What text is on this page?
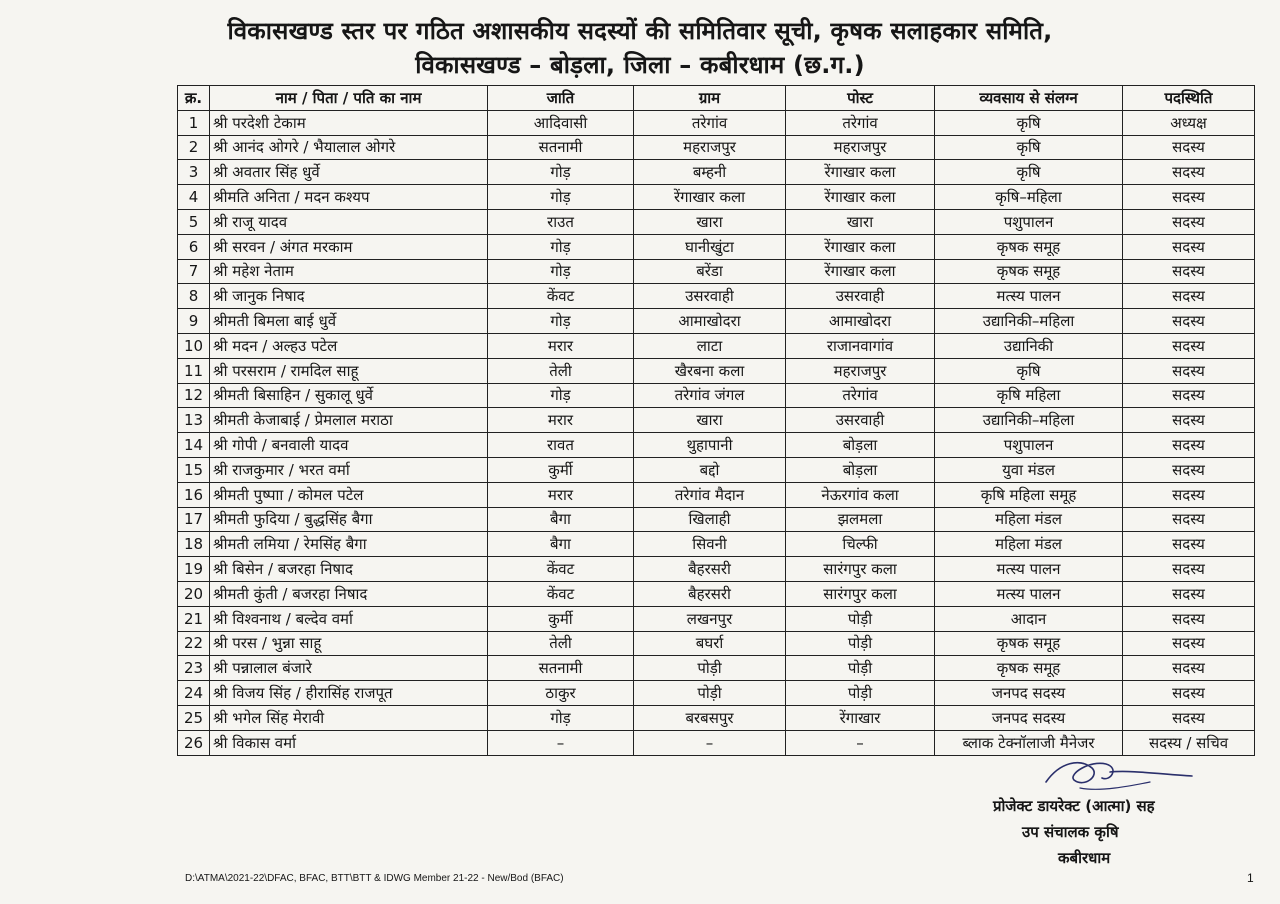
विकासखण्ड स्तर पर गठित अशासकीय सदस्यों की समितिवार सूची, कृषक सलाहकार समिति,
विकासखण्ड – बोड़ला, जिला – कबीरधाम (छ.ग.)
क्र.	नाम / पिता / पति का नाम	जाति	ग्राम	पोस्ट	व्यवसाय से संलग्न	पदस्थिति
1	श्री परदेशी टेकाम	आदिवासी	तरेगांव	तरेगांव	कृषि	अध्यक्ष
2	श्री आनंद ओगरे / भैयालाल ओगरे	सतनामी	महराजपुर	महराजपुर	कृषि	सदस्य
3	श्री अवतार सिंह धुर्वे	गोड़	बम्हनी	रेंगाखार कला	कृषि	सदस्य
4	श्रीमति अनिता / मदन कश्यप	गोड़	रेंगाखार कला	रेंगाखार कला	कृषि–महिला	सदस्य
5	श्री राजू यादव	राउत	खारा	खारा	पशुपालन	सदस्य
6	श्री सरवन / अंगत मरकाम	गोड़	घानीखुंटा	रेंगाखार कला	कृषक समूह	सदस्य
7	श्री महेश नेताम	गोड़	बरेंडा	रेंगाखार कला	कृषक समूह	सदस्य
8	श्री जानुक निषाद	केंवट	उसरवाही	उसरवाही	मत्स्य पालन	सदस्य
9	श्रीमती बिमला बाई धुर्वे	गोड़	आमाखोदरा	आमाखोदरा	उद्यानिकी–महिला	सदस्य
10	श्री मदन / अल्हउ पटेल	मरार	लाटा	राजानवागांव	उद्यानिकी	सदस्य
11	श्री परसराम / रामदिल साहू	तेली	खैरबना कला	महराजपुर	कृषि	सदस्य
12	श्रीमती बिसाहिन / सुकालू धुर्वे	गोड़	तरेगांव जंगल	तरेगांव	कृषि महिला	सदस्य
13	श्रीमती केजाबाई / प्रेमलाल मराठा	मरार	खारा	उसरवाही	उद्यानिकी–महिला	सदस्य
14	श्री गोपी / बनवाली यादव	रावत	थुहापानी	बोड़ला	पशुपालन	सदस्य
15	श्री राजकुमार / भरत वर्मा	कुर्मी	बद्दो	बोड़ला	युवा मंडल	सदस्य
16	श्रीमती पुष्पाा / कोमल पटेल	मरार	तरेगांव मैदान	नेऊरगांव कला	कृषि महिला समूह	सदस्य
17	श्रीमती फुदिया / बुद्धसिंह बैगा	बैगा	खिलाही	झलमला	महिला मंडल	सदस्य
18	श्रीमती लमिया / रेमसिंह बैगा	बैगा	सिवनी	चिल्फी	महिला मंडल	सदस्य
19	श्री बिसेन / बजरहा निषाद	केंवट	बैहरसरी	सारंगपुर कला	मत्स्य पालन	सदस्य
20	श्रीमती कुंती / बजरहा निषाद	केंवट	बैहरसरी	सारंगपुर कला	मत्स्य पालन	सदस्य
21	श्री विश्वनाथ / बल्देव वर्मा	कुर्मी	लखनपुर	पोड़ी	आदान	सदस्य
22	श्री परस / भुन्ना साहू	तेली	बघर्रा	पोड़ी	कृषक समूह	सदस्य
23	श्री पन्नालाल बंजारे	सतनामी	पोड़ी	पोड़ी	कृषक समूह	सदस्य
24	श्री विजय सिंह / हीरासिंह राजपूत	ठाकुर	पोड़ी	पोड़ी	जनपद सदस्य	सदस्य
25	श्री भगेल सिंह मेरावी	गोड़	बरबसपुर	रेंगाखार	जनपद सदस्य	सदस्य
26	श्री विकास वर्मा	–	–	–	ब्लाक टेक्नॉलाजी मैनेजर	सदस्य / सचिव
प्रोजेक्ट डायरेक्ट (आत्मा) सह
उप संचालक कृषि
कबीरधाम
D:\ATMA\2021-22\DFAC, BFAC, BTT\BTT & IDWG Member 21-22 - New/Bod (BFAC)	1
